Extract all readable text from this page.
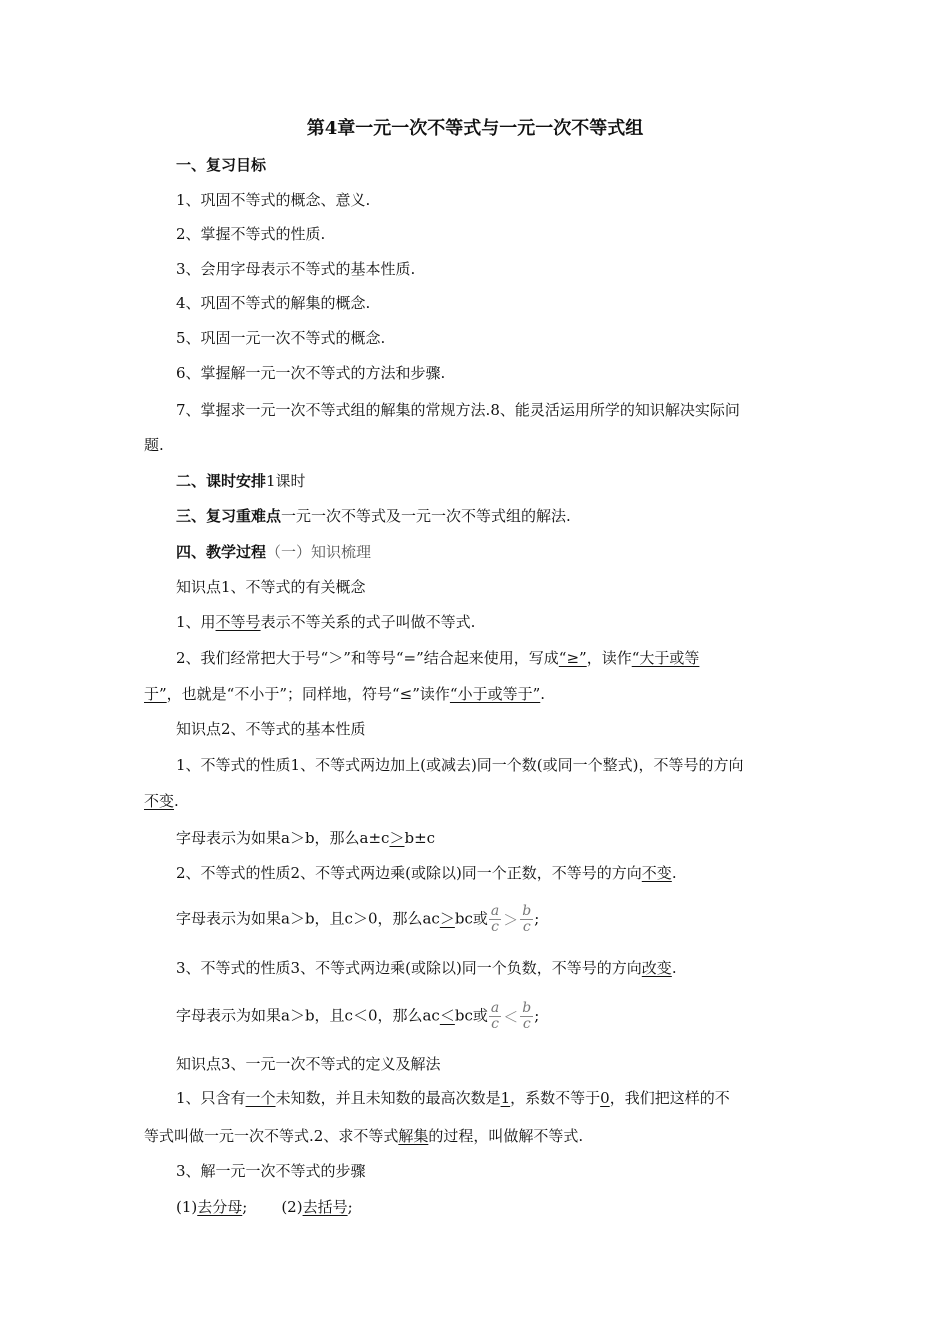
第4章一元一次不等式与一元一次不等式组
一、复习目标
1、巩固不等式的概念、意义.
2、掌握不等式的性质.
3、会用字母表示不等式的基本性质.
4、巩固不等式的解集的概念.
5、巩固一元一次不等式的概念.
6、掌握解一元一次不等式的方法和步骤.
7、掌握求一元一次不等式组的解集的常规方法.8、能灵活运用所学的知识解决实际问
题.
二、课时安排1课时
三、复习重难点一元一次不等式及一元一次不等式组的解法.
四、教学过程（一）知识梳理
知识点1、不等式的有关概念
1、用不等号表示不等关系的式子叫做不等式.
2、我们经常把大于号“＞”和等号“=”结合起来使用，写成“≥”，读作“大于或等
于”，也就是“不小于”；同样地，符号“≤”读作“小于或等于”.
知识点2、不等式的基本性质
1、不等式的性质1、不等式两边加上(或减去)同一个数(或同一个整式)，不等号的方向
不变.
字母表示为如果a＞b，那么a±c＞b±c
2、不等式的性质2、不等式两边乘(或除以)同一个正数，不等号的方向不变.
字母表示为如果a＞b，且c＞0，那么ac＞bc或 $\frac{a}{c} > \frac{b}{c}$ ;
3、不等式的性质3、不等式两边乘(或除以)同一个负数，不等号的方向改变.
字母表示为如果a＞b，且c＜0，那么ac＜bc或 $\frac{a}{c} < \frac{b}{c}$ ;
知识点3、一元一次不等式的定义及解法
1、只含有一个未知数，并且未知数的最高次数是1，系数不等于0，我们把这样的不
等式叫做一元一次不等式.2、求不等式解集的过程，叫做解不等式.
3、解一元一次不等式的步骤
(1)去分母; (2)去括号;
